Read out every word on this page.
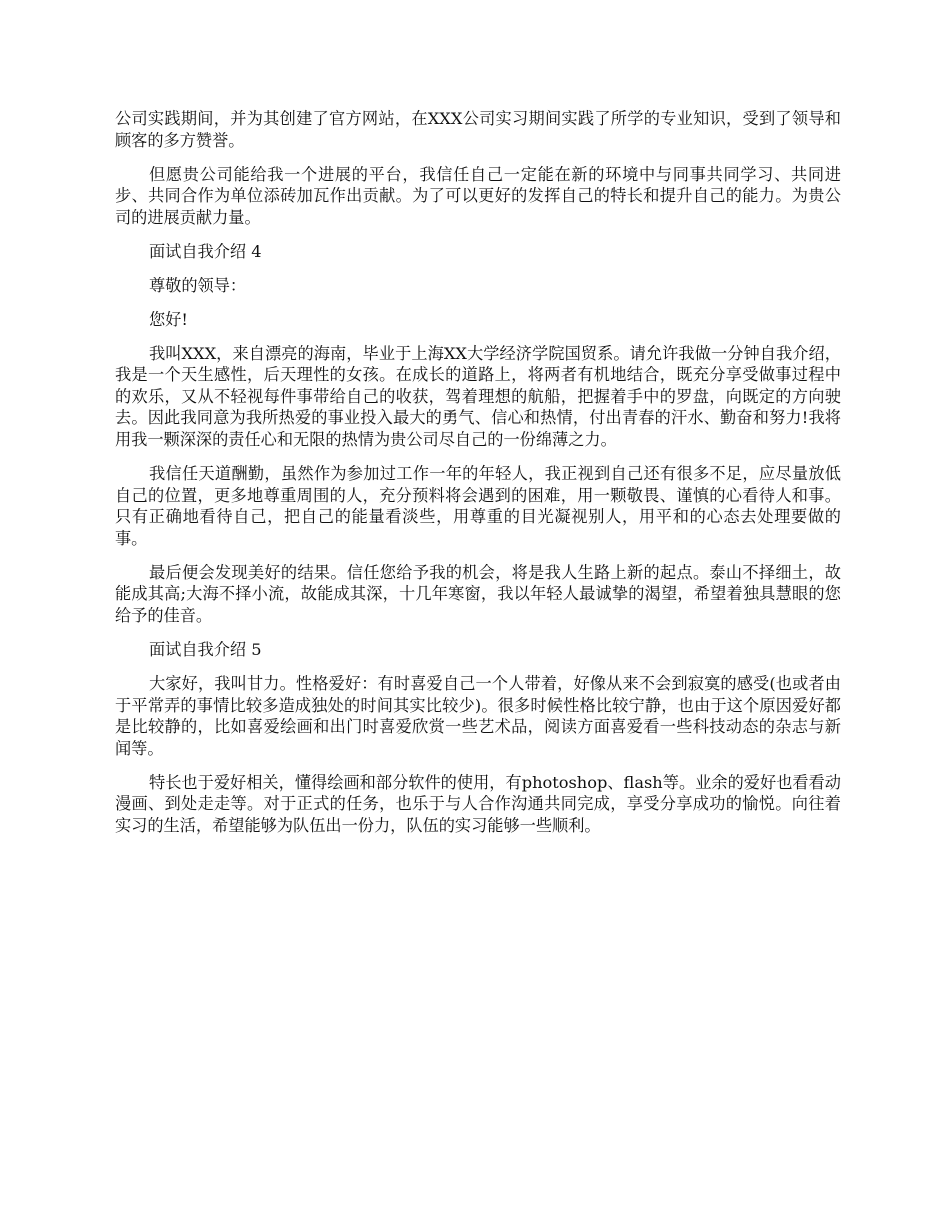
公司实践期间，并为其创建了官方网站，在XXX公司实习期间实践了所学的专业知识，受到了领导和顾客的多方赞誉。

但愿贵公司能给我一个进展的平台，我信任自己一定能在新的环境中与同事共同学习、共同进步、共同合作为单位添砖加瓦作出贡献。为了可以更好的发挥自己的特长和提升自己的能力。为贵公司的进展贡献力量。

面试自我介绍 4

尊敬的领导：

您好!

我叫XXX，来自漂亮的海南，毕业于上海XX大学经济学院国贸系。请允许我做一分钟自我介绍，我是一个天生感性，后天理性的女孩。在成长的道路上，将两者有机地结合，既充分享受做事过程中的欢乐，又从不轻视每件事带给自己的收获，驾着理想的航船，把握着手中的罗盘，向既定的方向驶去。因此我同意为我所热爱的事业投入最大的勇气、信心和热情，付出青春的汗水、勤奋和努力!我将用我一颗深深的责任心和无限的热情为贵公司尽自己的一份绵薄之力。

我信任天道酬勤，虽然作为参加过工作一年的年轻人，我正视到自己还有很多不足，应尽量放低自己的位置，更多地尊重周围的人，充分预料将会遇到的困难，用一颗敬畏、谨慎的心看待人和事。只有正确地看待自己，把自己的能量看淡些，用尊重的目光凝视别人，用平和的心态去处理要做的事。

最后便会发现美好的结果。信任您给予我的机会，将是我人生路上新的起点。泰山不择细土，故能成其高;大海不择小流，故能成其深，十几年寒窗，我以年轻人最诚挚的渴望，希望着独具慧眼的您给予的佳音。

面试自我介绍 5

大家好，我叫甘力。性格爱好：有时喜爱自己一个人带着，好像从来不会到寂寞的感受(也或者由于平常弄的事情比较多造成独处的时间其实比较少)。很多时候性格比较宁静，也由于这个原因爱好都是比较静的，比如喜爱绘画和出门时喜爱欣赏一些艺术品，阅读方面喜爱看一些科技动态的杂志与新闻等。

特长也于爱好相关，懂得绘画和部分软件的使用，有photoshop、flash等。业余的爱好也看看动漫画、到处走走等。对于正式的任务，也乐于与人合作沟通共同完成，享受分享成功的愉悦。向往着实习的生活，希望能够为队伍出一份力，队伍的实习能够一些顺利。
